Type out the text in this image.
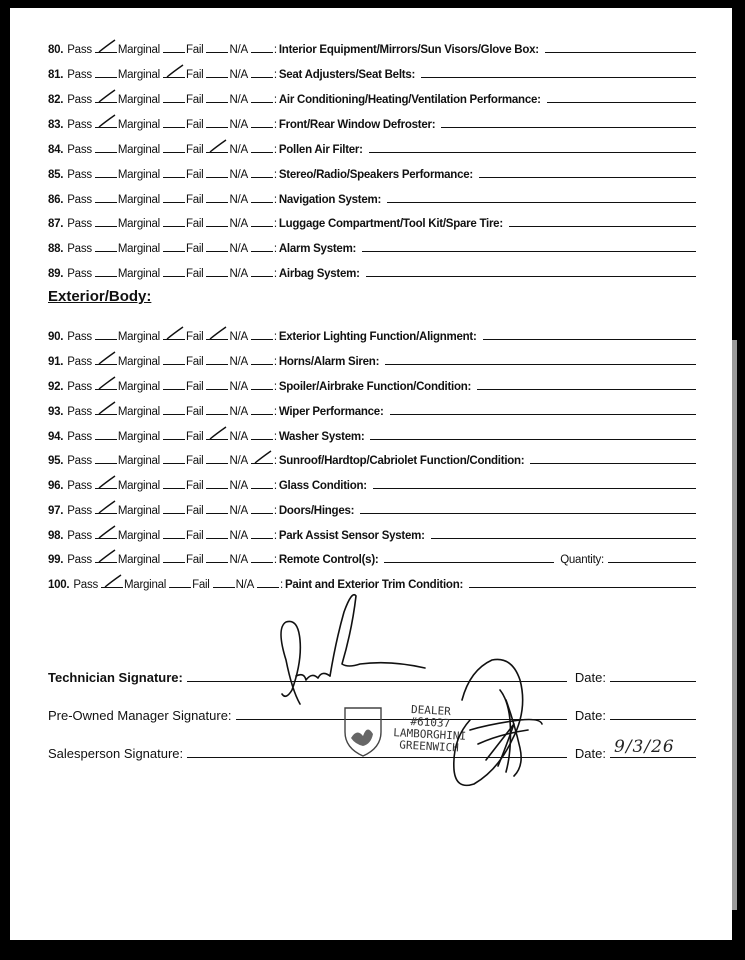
80. Pass Marginal Fail N/A : Interior Equipment/Mirrors/Sun Visors/Glove Box:
81. Pass Marginal Fail N/A : Seat Adjusters/Seat Belts:
82. Pass Marginal Fail N/A : Air Conditioning/Heating/Ventilation Performance:
83. Pass Marginal Fail N/A : Front/Rear Window Defroster:
84. Pass Marginal Fail N/A : Pollen Air Filter:
85. Pass Marginal Fail N/A : Stereo/Radio/Speakers Performance:
86. Pass Marginal Fail N/A : Navigation System:
87. Pass Marginal Fail N/A : Luggage Compartment/Tool Kit/Spare Tire:
88. Pass Marginal Fail N/A : Alarm System:
89. Pass Marginal Fail N/A : Airbag System:
90. Pass Marginal Fail N/A : Exterior Lighting Function/Alignment:
91. Pass Marginal Fail N/A : Horns/Alarm Siren:
92. Pass Marginal Fail N/A : Spoiler/Airbrake Function/Condition:
93. Pass Marginal Fail N/A : Wiper Performance:
94. Pass Marginal Fail N/A : Washer System:
95. Pass Marginal Fail N/A : Sunroof/Hardtop/Cabriolet Function/Condition:
96. Pass Marginal Fail N/A : Glass Condition:
97. Pass Marginal Fail N/A : Doors/Hinges:
98. Pass Marginal Fail N/A : Park Assist Sensor System:
99. Pass Marginal Fail N/A : Remote Control(s):	Quantity:
100. Pass Marginal Fail N/A : Paint and Exterior Trim Condition:
Exterior/Body:
Technician Signature:	Date:
Pre-Owned Manager Signature:	Date:
Salesperson Signature:	Date: 9/3/26
DEALER
#61037
LAMBORGHINI
GREENWICH
